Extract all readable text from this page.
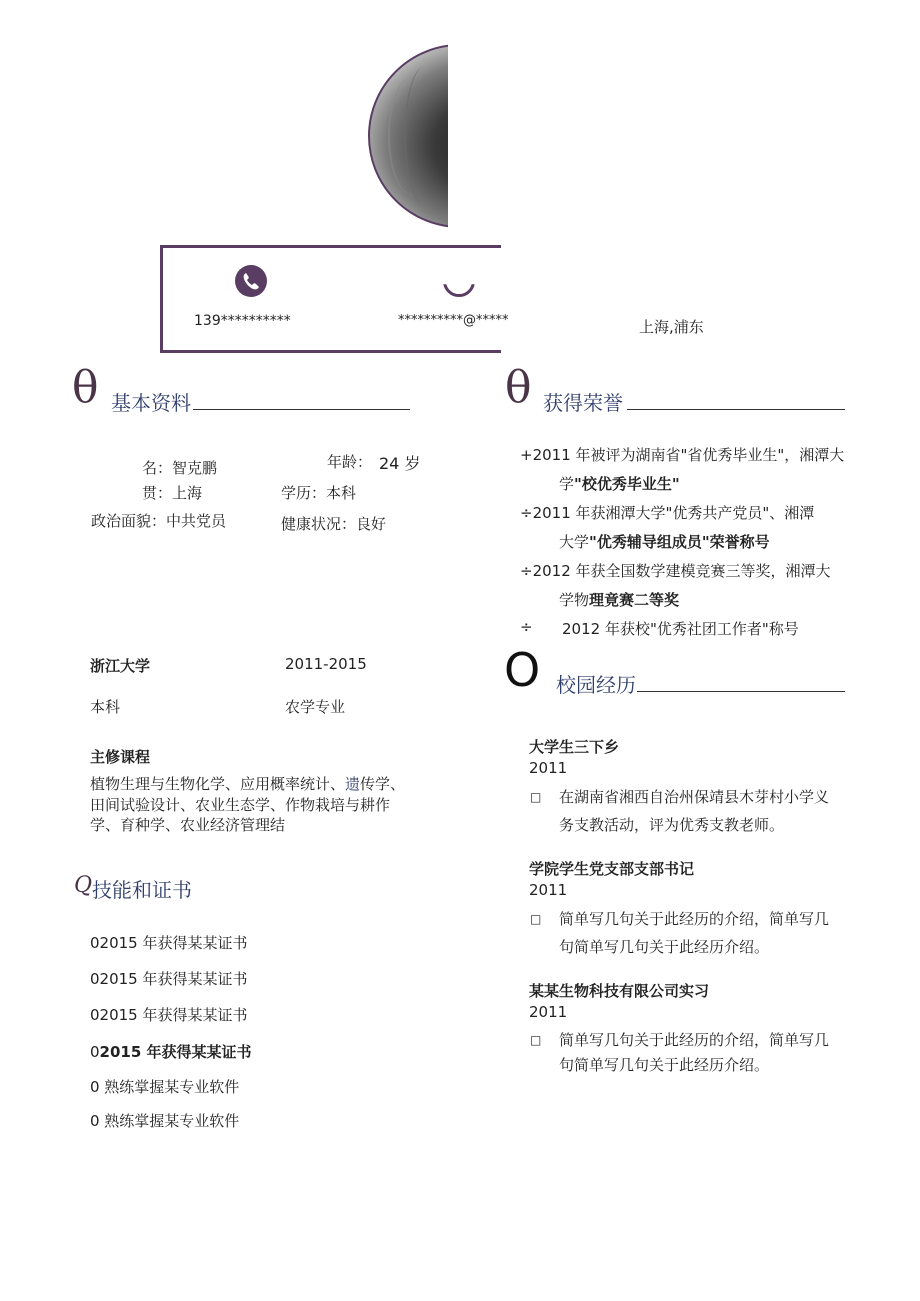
139**********	**********@*****	上海,浦东
θ 基本资料
名：智克鹏	年龄： 24 岁
贯：上海	学历：本科
政治面貌：中共党员	健康状况：良好
浙江大学	2011-2015
本科	农学专业
主修课程
植物生理与生物化学、应用概率统计、遗传学、
田间试验设计、农业生态学、作物栽培与耕作
学、育种学、农业经济管理结
Q 技能和证书
02015 年获得某某证书
02015 年获得某某证书
02015 年获得某某证书
02015 年获得某某证书
0 熟练掌握某专业软件
0 熟练掌握某专业软件
θ 获得荣誉
+2011 年被评为湖南省"省优秀毕业生"，湘潭大
学"校优秀毕业生"
÷2011 年获湘潭大学"优秀共产党员"、湘潭
大学"优秀辅导组成员"荣誉称号
÷2012 年获全国数学建模竞赛三等奖，湘潭大
学物理竟赛二等奖
÷ 2012 年获校"优秀社团工作者"称号
O 校园经历
大学生三下乡
2011
□ 在湖南省湘西自治州保靖县木芽村小学义
务支教活动，评为优秀支教老师。
学院学生党支部支部书记
2011
□ 简单写几句关于此经历的介绍，简单写几
句简单写几句关于此经历介绍。
某某生物科技有限公司实习
2011
□ 简单写几句关于此经历的介绍，简单写几
句简单写几句关于此经历介绍。
